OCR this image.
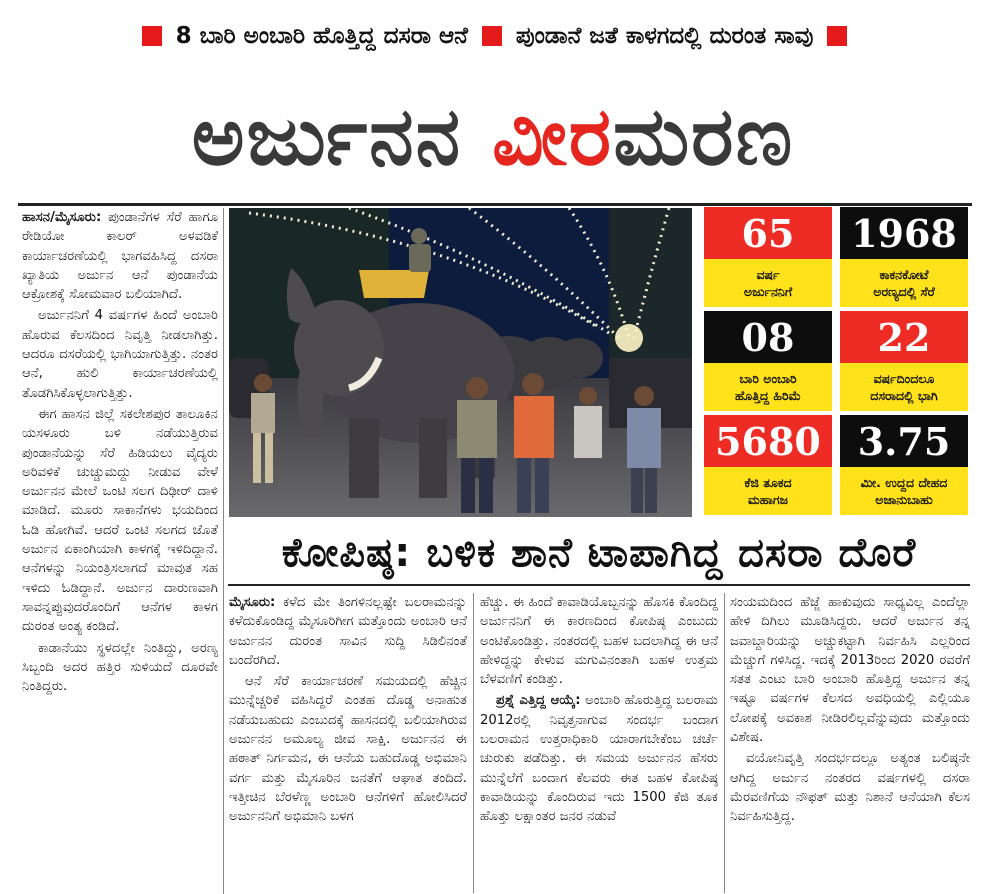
8 ಬಾರಿ ಅಂಬಾರಿ ಹೊತ್ತಿದ್ದ ದಸರಾ ಆನೆ ಪುಂಡಾನೆ ಜತೆ ಕಾಳಗದಲ್ಲಿ ದುರಂತ ಸಾವು
ಅರ್ಜುನನ ವೀರಮರಣ

ಹಾಸನ/ಮೈಸೂರು: ಪುಂಡಾನೆಗಳ ಸೆರೆ ಹಾಗೂ ರೇಡಿಯೋ ಕಾಲರ್ ಅಳವಡಿಕೆ ಕಾರ್ಯಾಚರಣೆಯಲ್ಲಿ ಭಾಗವಹಿಸಿದ್ದ ದಸರಾ ಖ್ಯಾತಿಯ ಅರ್ಜುನ ಆನೆ ಪುಂಡಾನೆಯ ಆಕ್ರೋಶಕ್ಕೆ ಸೋಮವಾರ ಬಲಿಯಾಗಿದೆ.

ಅರ್ಜುನನಿಗೆ 4 ವರ್ಷಗಳ ಹಿಂದೆ ಅಂಬಾರಿ ಹೊರುವ ಕೆಲಸದಿಂದ ನಿವೃತ್ತಿ ನೀಡಲಾಗಿತ್ತು. ಆದರೂ ದಸರೆಯಲ್ಲಿ ಭಾಗಿಯಾಗುತ್ತಿತ್ತು. ನಂತರ ಆನೆ, ಹುಲಿ ಕಾರ್ಯಾಚರಣೆಯಲ್ಲಿ ತೊಡಗಿಸಿಕೊಳ್ಳಲಾಗುತ್ತಿತ್ತು.

ಈಗ ಹಾಸನ ಜಿಲ್ಲೆ ಸಕಲೇಶಪುರ ತಾಲೂಕಿನ ಯಸಳೂರು ಬಳಿ ನಡೆಯುತ್ತಿರುವ ಪುಂಡಾನೆಯನ್ನು ಸೆರೆ ಹಿಡಿಯಲು ವೈದ್ಯರು ಅರಿವಳಿಕೆ ಚುಚ್ಚುಮದ್ದು ನೀಡುವ ವೇಳೆ ಅರ್ಜುನನ ಮೇಲೆ ಒಂಟಿ ಸಲಗ ದಿಢೀರ್ ದಾಳಿ ಮಾಡಿದೆ. ಮೂರು ಸಾಕಾನೆಗಳು ಭಯದಿಂದ ಓಡಿ ಹೋಗಿವೆ. ಆದರೆ ಒಂಟಿ ಸಲಗದ ಜೊತೆ ಅರ್ಜುನ ಏಕಾಂಗಿಯಾಗಿ ಕಾಳಗಕ್ಕೆ ಇಳಿದಿದ್ದಾನೆ. ಆನೆಗಳನ್ನು ನಿಯಂತ್ರಿಸಲಾಗದೆ ಮಾವುತ ಸಹ ಇಳಿದು ಓಡಿದ್ದಾನೆ. ಅರ್ಜುನ ದಾರುಣವಾಗಿ ಸಾವನ್ನಪ್ಪುವುದರೊಂದಿಗೆ ಆನೆಗಳ ಕಾಳಗ ದುರಂತ ಅಂತ್ಯ ಕಂಡಿದೆ.

ಕಾಡಾನೆಯು ಸ್ಥಳದಲ್ಲೇ ನಿಂತಿದ್ದು, ಅರಣ್ಯ ಸಿಬ್ಬಂದಿ ಅದರ ಹತ್ತಿರ ಸುಳಿಯದೆ ದೂರವೇ ನಿಂತಿದ್ದರು.

65
ವರ್ಷ
ಅರ್ಜುನನಿಗೆ
1968
ಕಾಕನಕೋಟೆ
ಅರಣ್ಯದಲ್ಲಿ ಸೆರೆ
08
ಬಾರಿ ಅಂಬಾರಿ
ಹೊತ್ತಿದ್ದ ಹಿರಿಮೆ
22
ವರ್ಷದಿಂದಲೂ
ದಸರಾದಲ್ಲಿ ಭಾಗಿ
5680
ಕೆಜಿ ತೂಕದ
ಮಹಾಗಜ
3.75
ಮೀ. ಉದ್ದದ ದೇಹದ
ಅಜಾನುಬಾಹು
ಕೋಪಿಷ್ಠ: ಬಳಿಕ ಶಾನೆ ಟಾಪಾಗಿದ್ದ ದಸರಾ ದೊರೆ

ಮೈಸೂರು: ಕಳೆದ ಮೇ ತಿಂಗಳಿನಲ್ಲಷ್ಟೇ ಬಲರಾಮನನ್ನು ಕಳೆದುಕೊಂಡಿದ್ದ ಮೈಸೂರಿಗೀಗ ಮತ್ತೊಂದು ಅಂಬಾರಿ ಆನೆ ಅರ್ಜುನನ ದುರಂತ ಸಾವಿನ ಸುದ್ದಿ ಸಿಡಿಲಿನಂತೆ ಬಂದೆರಗಿದೆ.

ಆನೆ ಸೆರೆ ಕಾರ್ಯಾಚರಣೆ ಸಮಯದಲ್ಲಿ ಹೆಚ್ಚಿನ ಮುನ್ನೆಚ್ಚರಿಕೆ ವಹಿಸಿದ್ದರೆ ಎಂತಹ ದೊಡ್ಡ ಅನಾಹುತ ನಡೆಯಬಹುದು ಎಂಬುದಕ್ಕೆ ಹಾಸನದಲ್ಲಿ ಬಲಿಯಾಗಿರುವ ಅರ್ಜುನನ ಅಮೂಲ್ಯ ಜೀವ ಸಾಕ್ಷಿ. ಅರ್ಜುನನ ಈ ಹಠಾತ್ ನಿರ್ಗಮನ, ಈ ಆನೆಯ ಬಹುದೊಡ್ಡ ಅಭಿಮಾನಿ ವರ್ಗ ಮತ್ತು ಮೈಸೂರಿನ ಜನತೆಗೆ ಆಘಾತ ತಂದಿದೆ. ಇತ್ತೀಚಿನ ಬೆರಳೆಣ್ಣ ಅಂಬಾರಿ ಆನೆಗಳಿಗೆ ಹೋಲಿಸಿದರೆ ಅರ್ಜುನನಿಗೆ ಅಭಿಮಾನಿ ಬಳಗ

ಹೆಚ್ಚು. ಈ ಹಿಂದೆ ಕಾವಾಡಿಯೊಬ್ಬನನ್ನು ಹೊಸಕಿ ಕೊಂದಿದ್ದ ಅರ್ಜುನನಿಗೆ ಈ ಕಾರಣದಿಂದ ಕೋಪಿಷ್ಠ ಎಂಬುದು ಅಂಟಿಕೊಂಡಿತ್ತು. ನಂತರದಲ್ಲಿ ಬಹಳ ಬದಲಾಗಿದ್ದ ಈ ಆನೆ ಹೇಳಿದ್ದನ್ನು ಕೇಳುವ ಮಗುವಿನಂತಾಗಿ ಬಹಳ ಉತ್ತಮ ಬೆಳವಣಿಗೆ ಕಂಡಿತ್ತು.

ಪ್ರಶ್ನೆ ಎತ್ತಿದ್ದ ಆಯ್ಕೆ: ಅಂಬಾರಿ ಹೊರುತ್ತಿದ್ದ ಬಲರಾಮ 2012ರಲ್ಲಿ ನಿವೃತ್ತನಾಗುವ ಸಂದರ್ಭ ಬಂದಾಗ ಬಲರಾಮನ ಉತ್ತರಾಧಿಕಾರಿ ಯಾರಾಗಬೇಕೆಂಬ ಚರ್ಚೆ ಚುರುಕು ಪಡೆದಿತ್ತು. ಈ ಸಮಯ ಅರ್ಜುನನ ಹೆಸರು ಮುನ್ನೆಲೆಗೆ ಬಂದಾಗ ಕೆಲವರು ಈತ ಬಹಳ ಕೋಪಿಷ್ಠ ಕಾವಾಡಿಯನ್ನು ಕೊಂದಿರುವ ಇದು 1500 ಕೆಜಿ ತೂಕ ಹೊತ್ತು ಲಕ್ಷಾಂತರ ಜನರ ನಡುವೆ

ಸಂಯಮದಿಂದ ಹೆಜ್ಜೆ ಹಾಕುವುದು ಸಾಧ್ಯವಿಲ್ಲ ಎಂದೆಲ್ಲಾ ಹೇಳಿ ದಿಗಿಲು ಮೂಡಿಸಿದ್ದರು. ಆದರೆ ಅರ್ಜುನ ತನ್ನ ಜವಾಬ್ದಾರಿಯನ್ನು ಅಚ್ಚುಕಟ್ಟಾಗಿ ನಿರ್ವಹಿಸಿ ಎಲ್ಲರಿಂದ ಮೆಚ್ಚುಗೆ ಗಳಿಸಿದ್ದ. ಇದಕ್ಕೆ 2013ರಿಂದ 2020 ರವರೆಗೆ ಸತತ ಎಂಟು ಬಾರಿ ಅಂಬಾರಿ ಹೊತ್ತಿದ್ದ ಅರ್ಜುನ ತನ್ನ ಇಷ್ಟೂ ವರ್ಷಗಳ ಕೆಲಸದ ಅವಧಿಯಲ್ಲಿ ಎಲ್ಲಿಯೂ ಲೋಪಕ್ಕೆ ಅವಕಾಶ ನೀಡಿರಲಿಲ್ಲವೆನ್ನುವುದು ಮತ್ತೊಂದು ವಿಶೇಷ.

ವಯೋನಿವೃತ್ತಿ ಸಂದರ್ಭದಲ್ಲೂ ಅತ್ಯಂತ ಬಲಿಷ್ಠನೇ ಆಗಿದ್ದ ಅರ್ಜುನ ನಂತರದ ವರ್ಷಗಳಲ್ಲಿ ದಸರಾ ಮೆರವಣಿಗೆಯ ನೌಫತ್ ಮತ್ತು ನಿಶಾನೆ ಆನೆಯಾಗಿ ಕೆಲಸ ನಿರ್ವಹಿಸುತ್ತಿದ್ದ.
